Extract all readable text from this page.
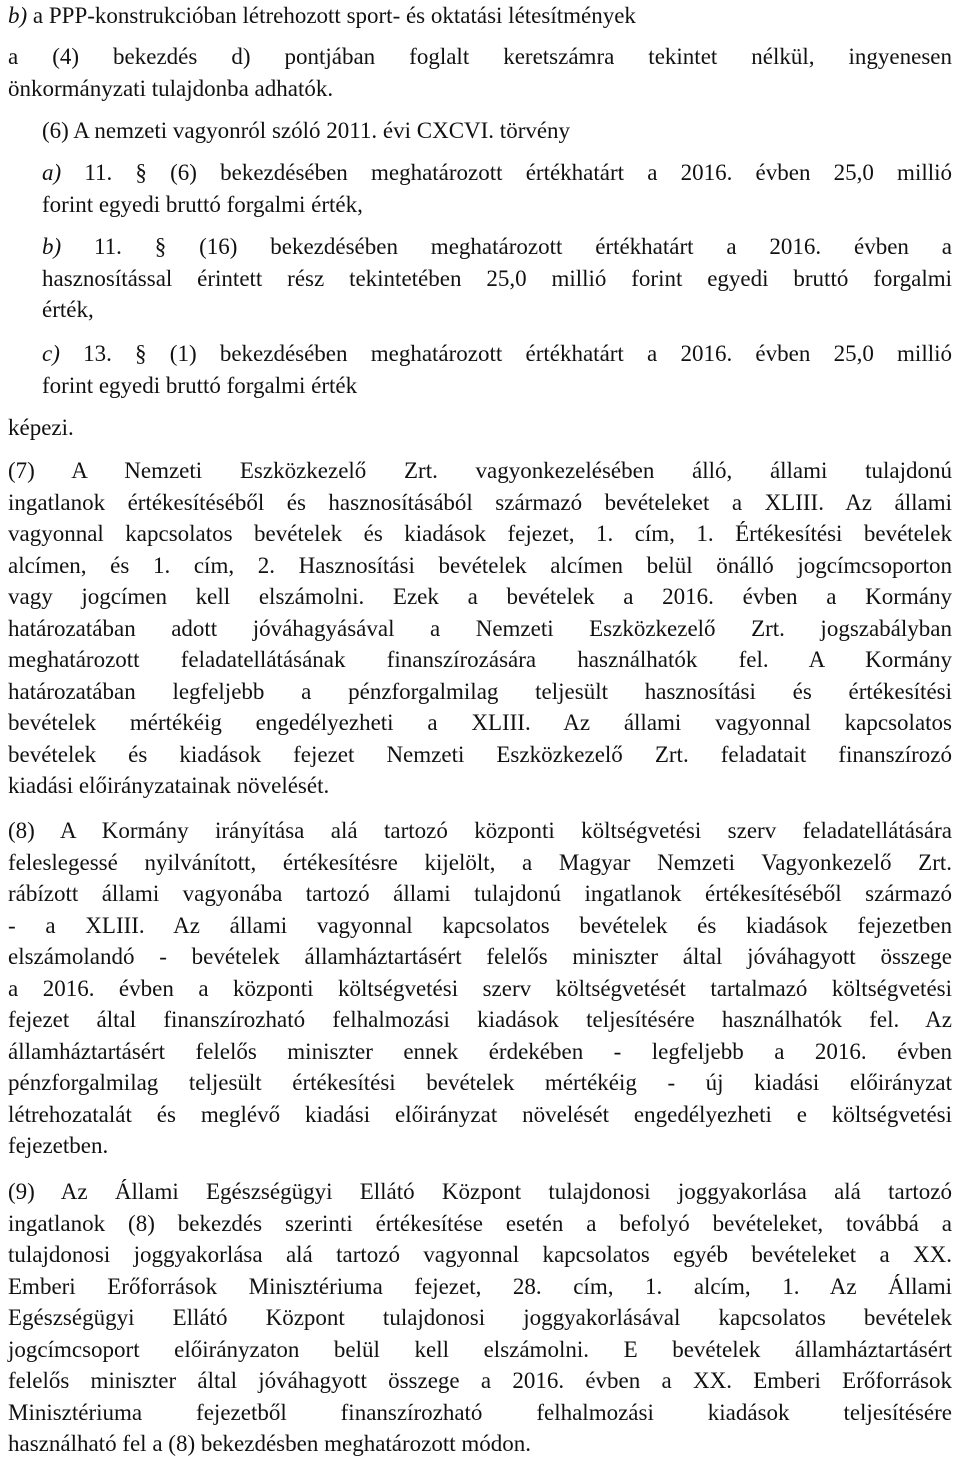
b) a PPP-konstrukcióban létrehozott sport- és oktatási létesítmények
a (4) bekezdés d) pontjában foglalt keretszámra tekintet nélkül, ingyenesen
önkormányzati tulajdonba adhatók.
(6) A nemzeti vagyonról szóló 2011. évi CXCVI. törvény
a) 11. § (6) bekezdésében meghatározott értékhatárt a 2016. évben 25,0 millió
forint egyedi bruttó forgalmi érték,
b) 11. § (16) bekezdésében meghatározott értékhatárt a 2016. évben a
hasznosítással érintett rész tekintetében 25,0 millió forint egyedi bruttó forgalmi
érték,
c) 13. § (1) bekezdésében meghatározott értékhatárt a 2016. évben 25,0 millió
forint egyedi bruttó forgalmi érték
képezi.
(7) A Nemzeti Eszközkezelő Zrt. vagyonkezelésében álló, állami tulajdonú
ingatlanok értékesítéséből és hasznosításából származó bevételeket a XLIII. Az állami
vagyonnal kapcsolatos bevételek és kiadások fejezet, 1. cím, 1. Értékesítési bevételek
alcímen, és 1. cím, 2. Hasznosítási bevételek alcímen belül önálló jogcímcsoporton
vagy jogcímen kell elszámolni. Ezek a bevételek a 2016. évben a Kormány
határozatában adott jóváhagyásával a Nemzeti Eszközkezelő Zrt. jogszabályban
meghatározott feladatellátásának finanszírozására használhatók fel. A Kormány
határozatában legfeljebb a pénzforgalmilag teljesült hasznosítási és értékesítési
bevételek mértékéig engedélyezheti a XLIII. Az állami vagyonnal kapcsolatos
bevételek és kiadások fejezet Nemzeti Eszközkezelő Zrt. feladatait finanszírozó
kiadási előirányzatainak növelését.
(8) A Kormány irányítása alá tartozó központi költségvetési szerv feladatellátására
feleslegessé nyilvánított, értékesítésre kijelölt, a Magyar Nemzeti Vagyonkezelő Zrt.
rábízott állami vagyonába tartozó állami tulajdonú ingatlanok értékesítéséből származó
- a XLIII. Az állami vagyonnal kapcsolatos bevételek és kiadások fejezetben
elszámolandó - bevételek államháztartásért felelős miniszter által jóváhagyott összege
a 2016. évben a központi költségvetési szerv költségvetését tartalmazó költségvetési
fejezet által finanszírozható felhalmozási kiadások teljesítésére használhatók fel. Az
államháztartásért felelős miniszter ennek érdekében - legfeljebb a 2016. évben
pénzforgalmilag teljesült értékesítési bevételek mértékéig - új kiadási előirányzat
létrehozatalát és meglévő kiadási előirányzat növelését engedélyezheti e költségvetési
fejezetben.
(9) Az Állami Egészségügyi Ellátó Központ tulajdonosi joggyakorlása alá tartozó
ingatlanok (8) bekezdés szerinti értékesítése esetén a befolyó bevételeket, továbbá a
tulajdonosi joggyakorlása alá tartozó vagyonnal kapcsolatos egyéb bevételeket a XX.
Emberi Erőforrások Minisztériuma fejezet, 28. cím, 1. alcím, 1. Az Állami
Egészségügyi Ellátó Központ tulajdonosi joggyakorlásával kapcsolatos bevételek
jogcímcsoport előirányzaton belül kell elszámolni. E bevételek államháztartásért
felelős miniszter által jóváhagyott összege a 2016. évben a XX. Emberi Erőforrások
Minisztériuma fejezetből finanszírozható felhalmozási kiadások teljesítésére
használható fel a (8) bekezdésben meghatározott módon.
